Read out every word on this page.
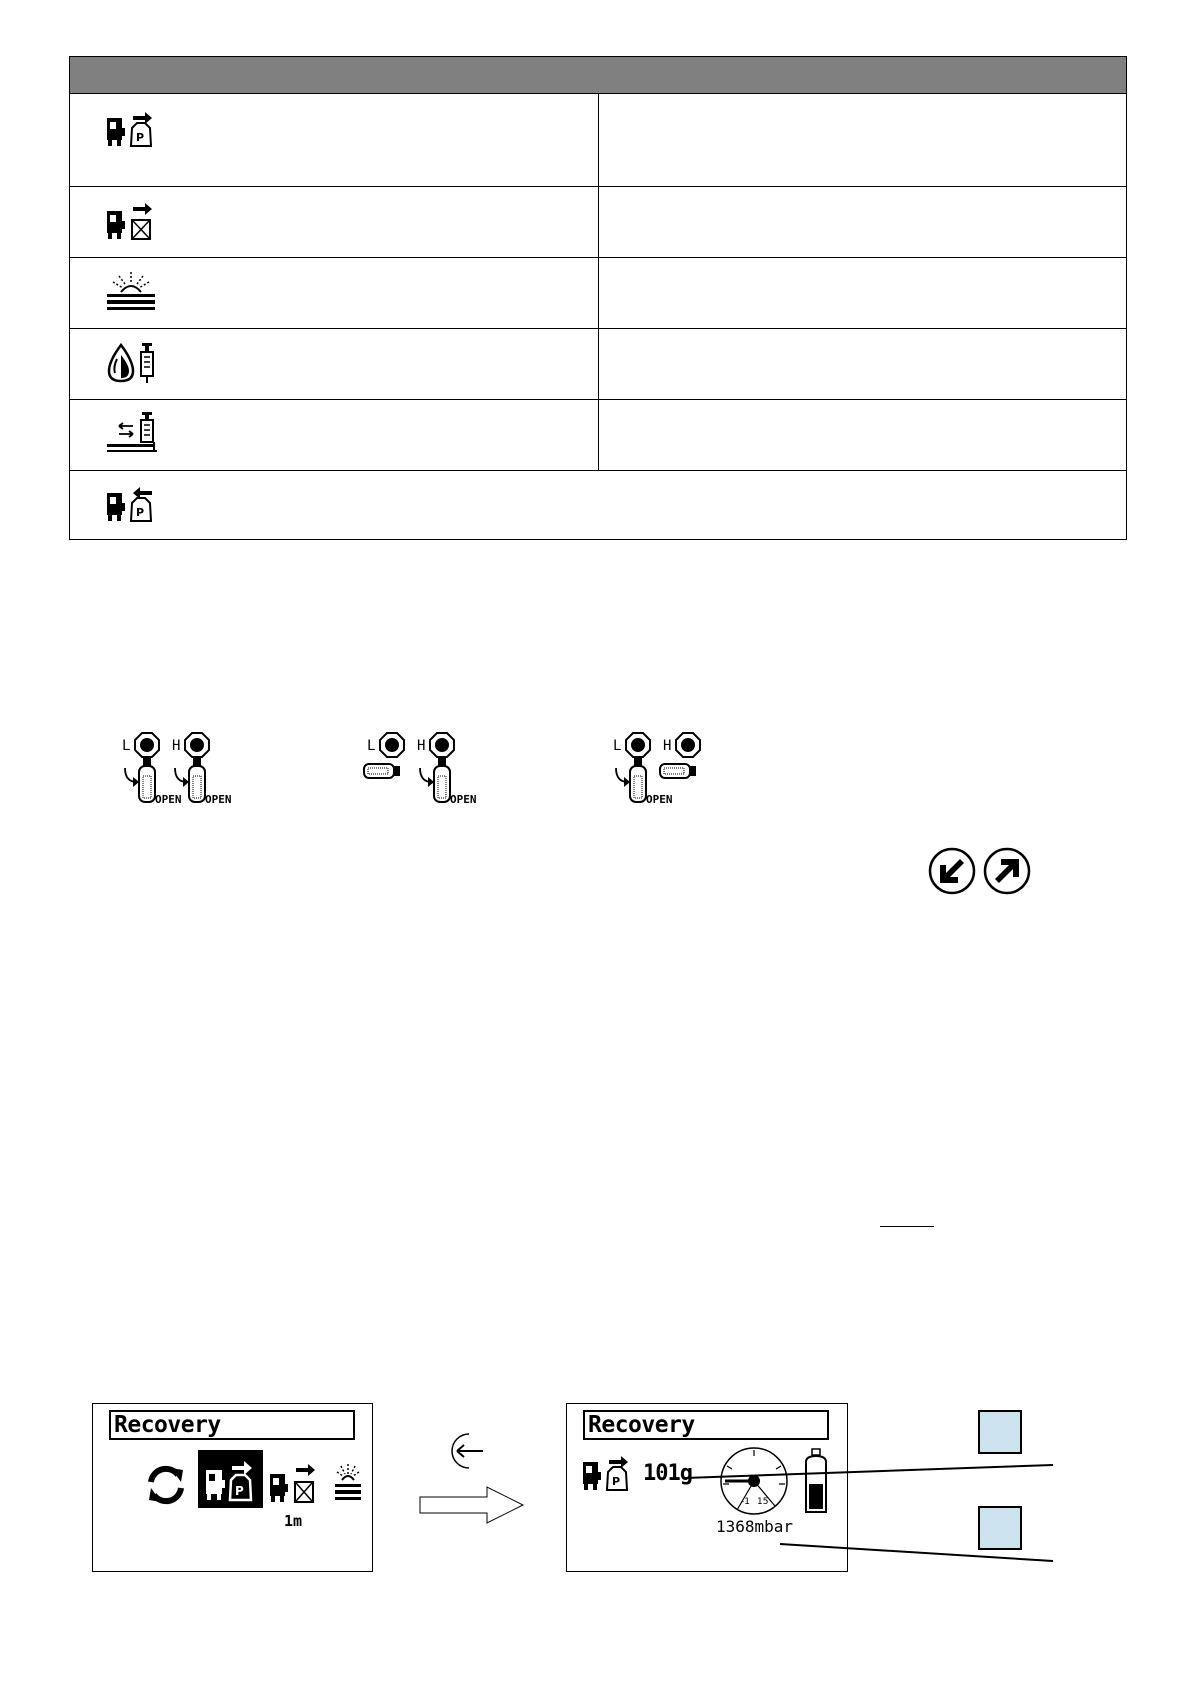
P	

P	
L
OPEN
H
OPEN
L	H
OPEN
L
OPEN
H
Recovery
P
1m
Recovery
P 101g
-1 15
1368mbar
